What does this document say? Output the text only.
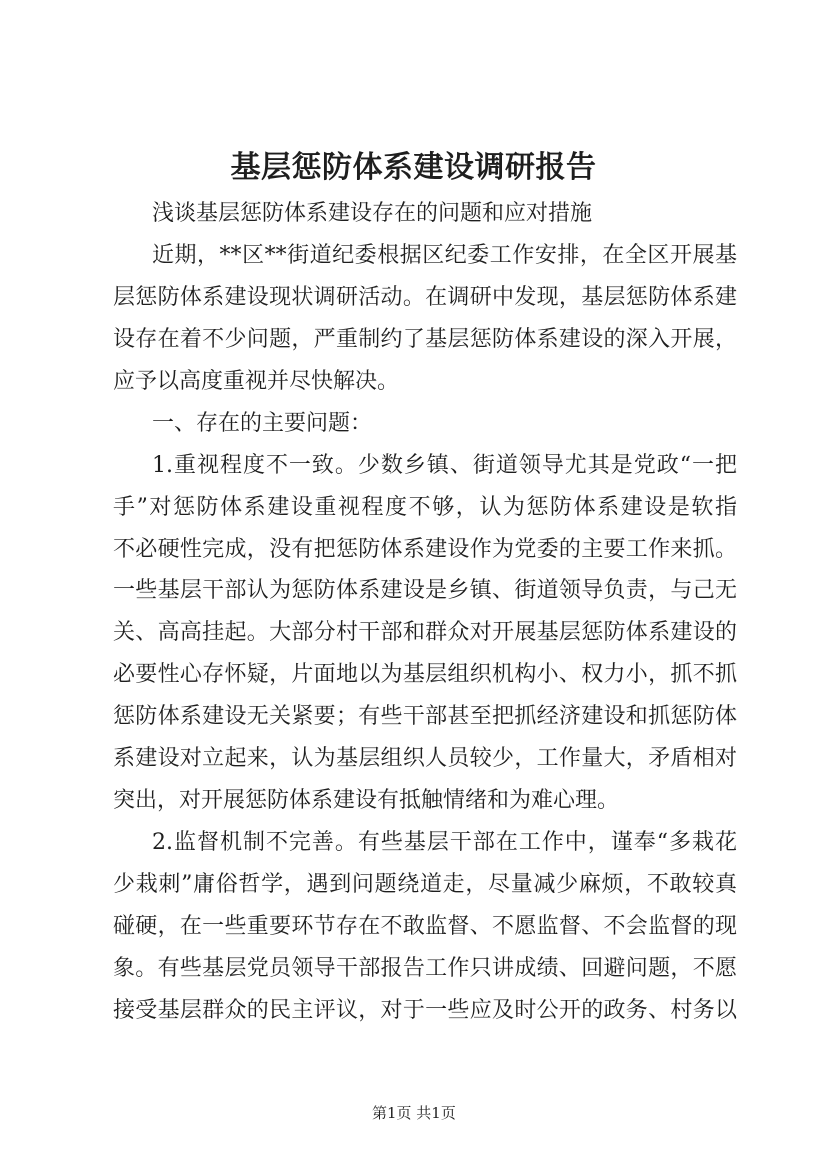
基层惩防体系建设调研报告
浅谈基层惩防体系建设存在的问题和应对措施
近期，**区**街道纪委根据区纪委工作安排，在全区开展基
层惩防体系建设现状调研活动。在调研中发现，基层惩防体系建
设存在着不少问题，严重制约了基层惩防体系建设的深入开展，
应予以高度重视并尽快解决。
一、存在的主要问题：
1.重视程度不一致。少数乡镇、街道领导尤其是党政“一把
手”对惩防体系建设重视程度不够，认为惩防体系建设是软指
不必硬性完成，没有把惩防体系建设作为党委的主要工作来抓。
一些基层干部认为惩防体系建设是乡镇、街道领导负责，与己无
关、高高挂起。大部分村干部和群众对开展基层惩防体系建设的
必要性心存怀疑，片面地以为基层组织机构小、权力小，抓不抓
惩防体系建设无关紧要；有些干部甚至把抓经济建设和抓惩防体
系建设对立起来，认为基层组织人员较少，工作量大，矛盾相对
突出，对开展惩防体系建设有抵触情绪和为难心理。
2.监督机制不完善。有些基层干部在工作中，谨奉“多栽花
少栽刺”庸俗哲学，遇到问题绕道走，尽量减少麻烦，不敢较真
碰硬，在一些重要环节存在不敢监督、不愿监督、不会监督的现
象。有些基层党员领导干部报告工作只讲成绩、回避问题，不愿
接受基层群众的民主评议，对于一些应及时公开的政务、村务以
第1页 共1页
